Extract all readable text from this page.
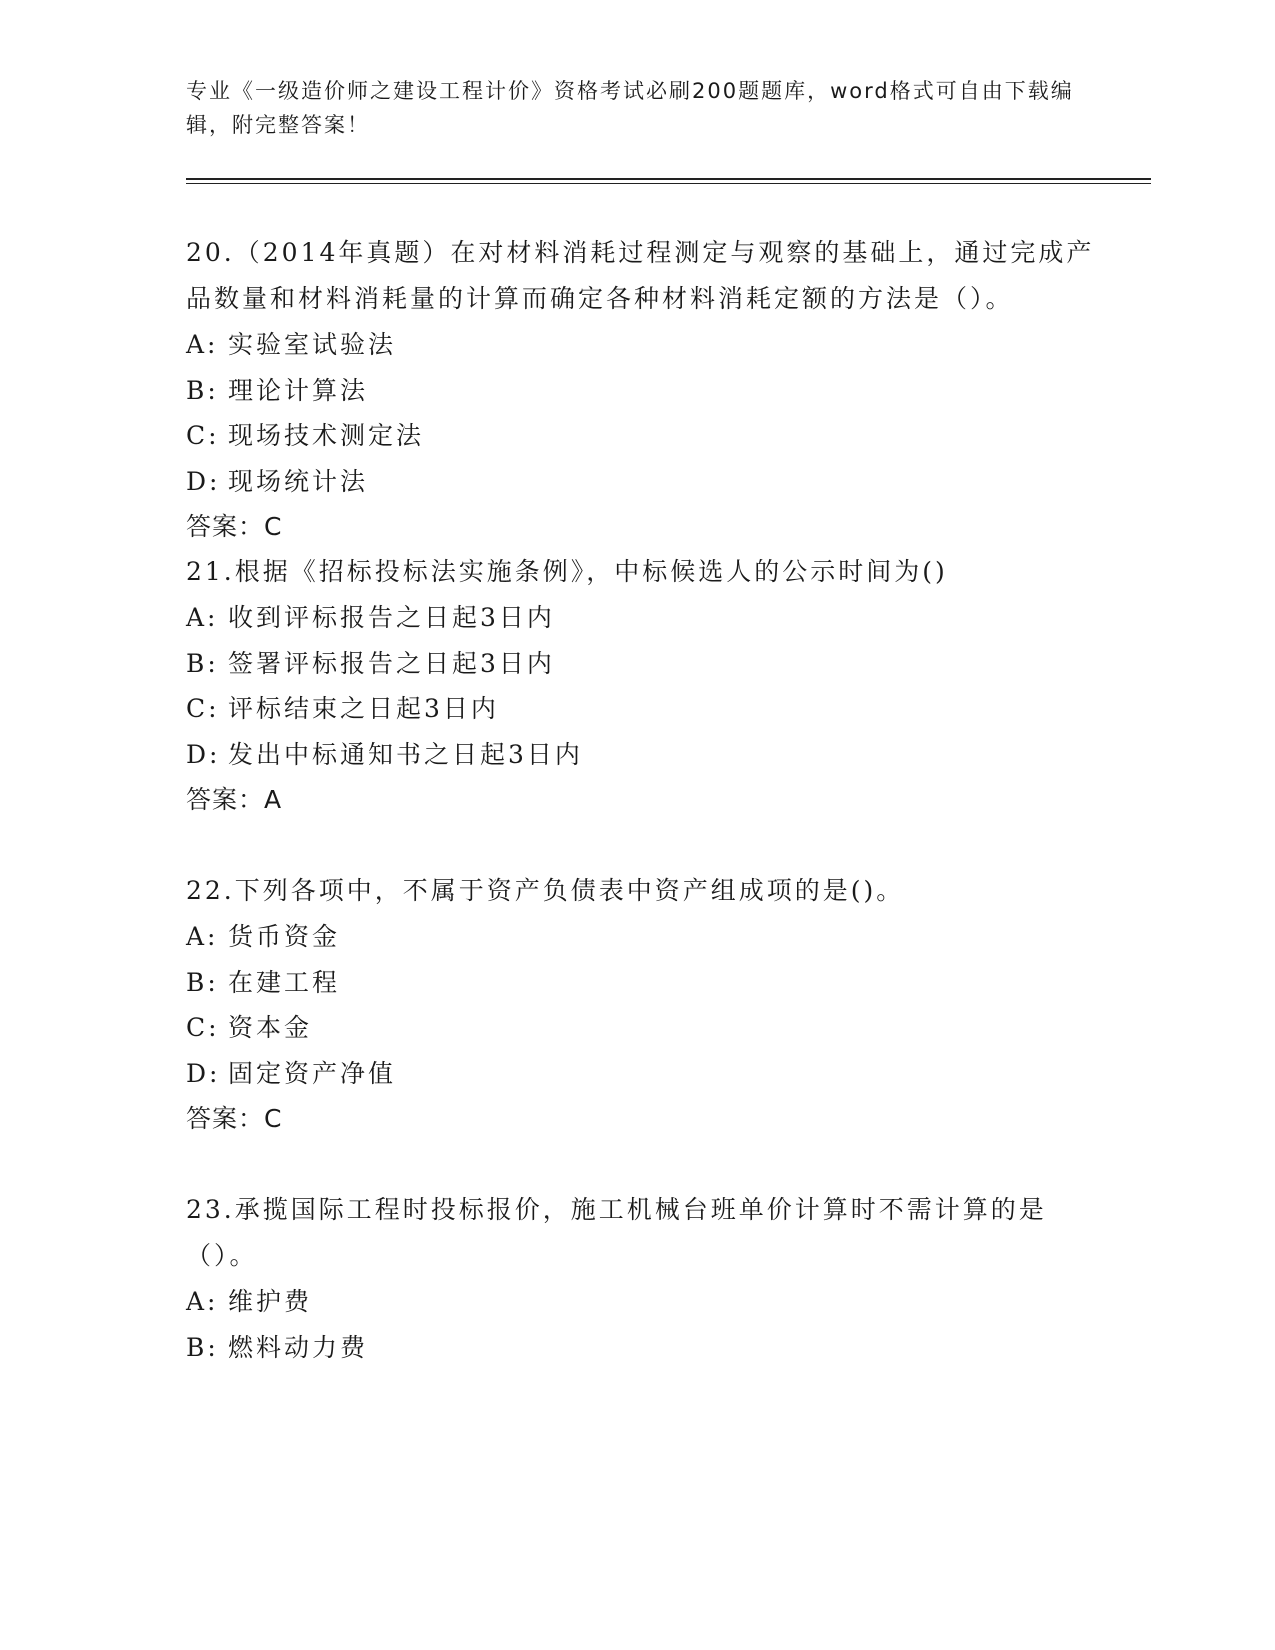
专业《一级造价师之建设工程计价》资格考试必刷200题题库，word格式可自由下载编辑，附完整答案！
20.（2014年真题）在对材料消耗过程测定与观察的基础上，通过完成产品数量和材料消耗量的计算而确定各种材料消耗定额的方法是（）。
A: 实验室试验法
B: 理论计算法
C: 现场技术测定法
D: 现场统计法
答案：C
21.根据《招标投标法实施条例》，中标候选人的公示时间为()
A: 收到评标报告之日起3日内
B: 签署评标报告之日起3日内
C: 评标结束之日起3日内
D: 发出中标通知书之日起3日内
答案：A
22.下列各项中，不属于资产负债表中资产组成项的是()。
A: 货币资金
B: 在建工程
C: 资本金
D: 固定资产净值
答案：C
23.承揽国际工程时投标报价，施工机械台班单价计算时不需计算的是（）。
A: 维护费
B: 燃料动力费
